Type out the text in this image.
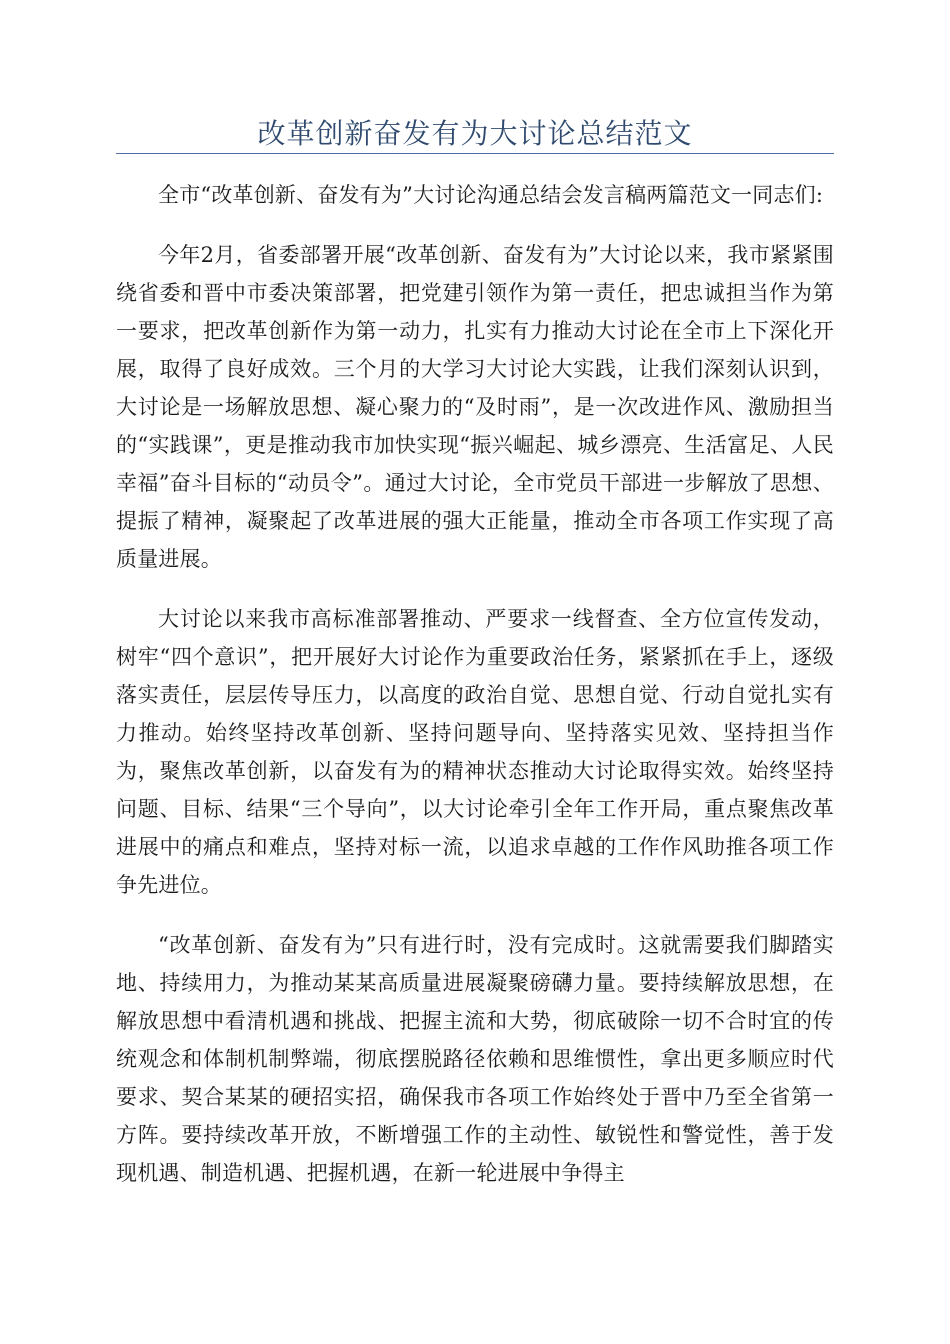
改革创新奋发有为大讨论总结范文

全市“改革创新、奋发有为”大讨论沟通总结会发言稿两篇范文一同志们:

今年2月，省委部署开展“改革创新、奋发有为”大讨论以来，我市紧紧围绕省委和晋中市委决策部署，把党建引领作为第一责任，把忠诚担当作为第一要求，把改革创新作为第一动力，扎实有力推动大讨论在全市上下深化开展，取得了良好成效。三个月的大学习大讨论大实践，让我们深刻认识到，大讨论是一场解放思想、凝心聚力的“及时雨”，是一次改进作风、激励担当的“实践课”，更是推动我市加快实现“振兴崛起、城乡漂亮、生活富足、人民幸福”奋斗目标的“动员令”。通过大讨论，全市党员干部进一步解放了思想、提振了精神，凝聚起了改革进展的强大正能量，推动全市各项工作实现了高质量进展。

大讨论以来我市高标准部署推动、严要求一线督查、全方位宣传发动，树牢“四个意识”，把开展好大讨论作为重要政治任务，紧紧抓在手上，逐级落实责任，层层传导压力，以高度的政治自觉、思想自觉、行动自觉扎实有力推动。始终坚持改革创新、坚持问题导向、坚持落实见效、坚持担当作为，聚焦改革创新，以奋发有为的精神状态推动大讨论取得实效。始终坚持问题、目标、结果“三个导向”，以大讨论牵引全年工作开局，重点聚焦改革进展中的痛点和难点，坚持对标一流，以追求卓越的工作作风助推各项工作争先进位。

“改革创新、奋发有为”只有进行时，没有完成时。这就需要我们脚踏实地、持续用力，为推动某某高质量进展凝聚磅礴力量。要持续解放思想，在解放思想中看清机遇和挑战、把握主流和大势，彻底破除一切不合时宜的传统观念和体制机制弊端，彻底摆脱路径依赖和思维惯性，拿出更多顺应时代要求、契合某某的硬招实招，确保我市各项工作始终处于晋中乃至全省第一方阵。要持续改革开放，不断增强工作的主动性、敏锐性和警觉性，善于发现机遇、制造机遇、把握机遇，在新一轮进展中争得主
